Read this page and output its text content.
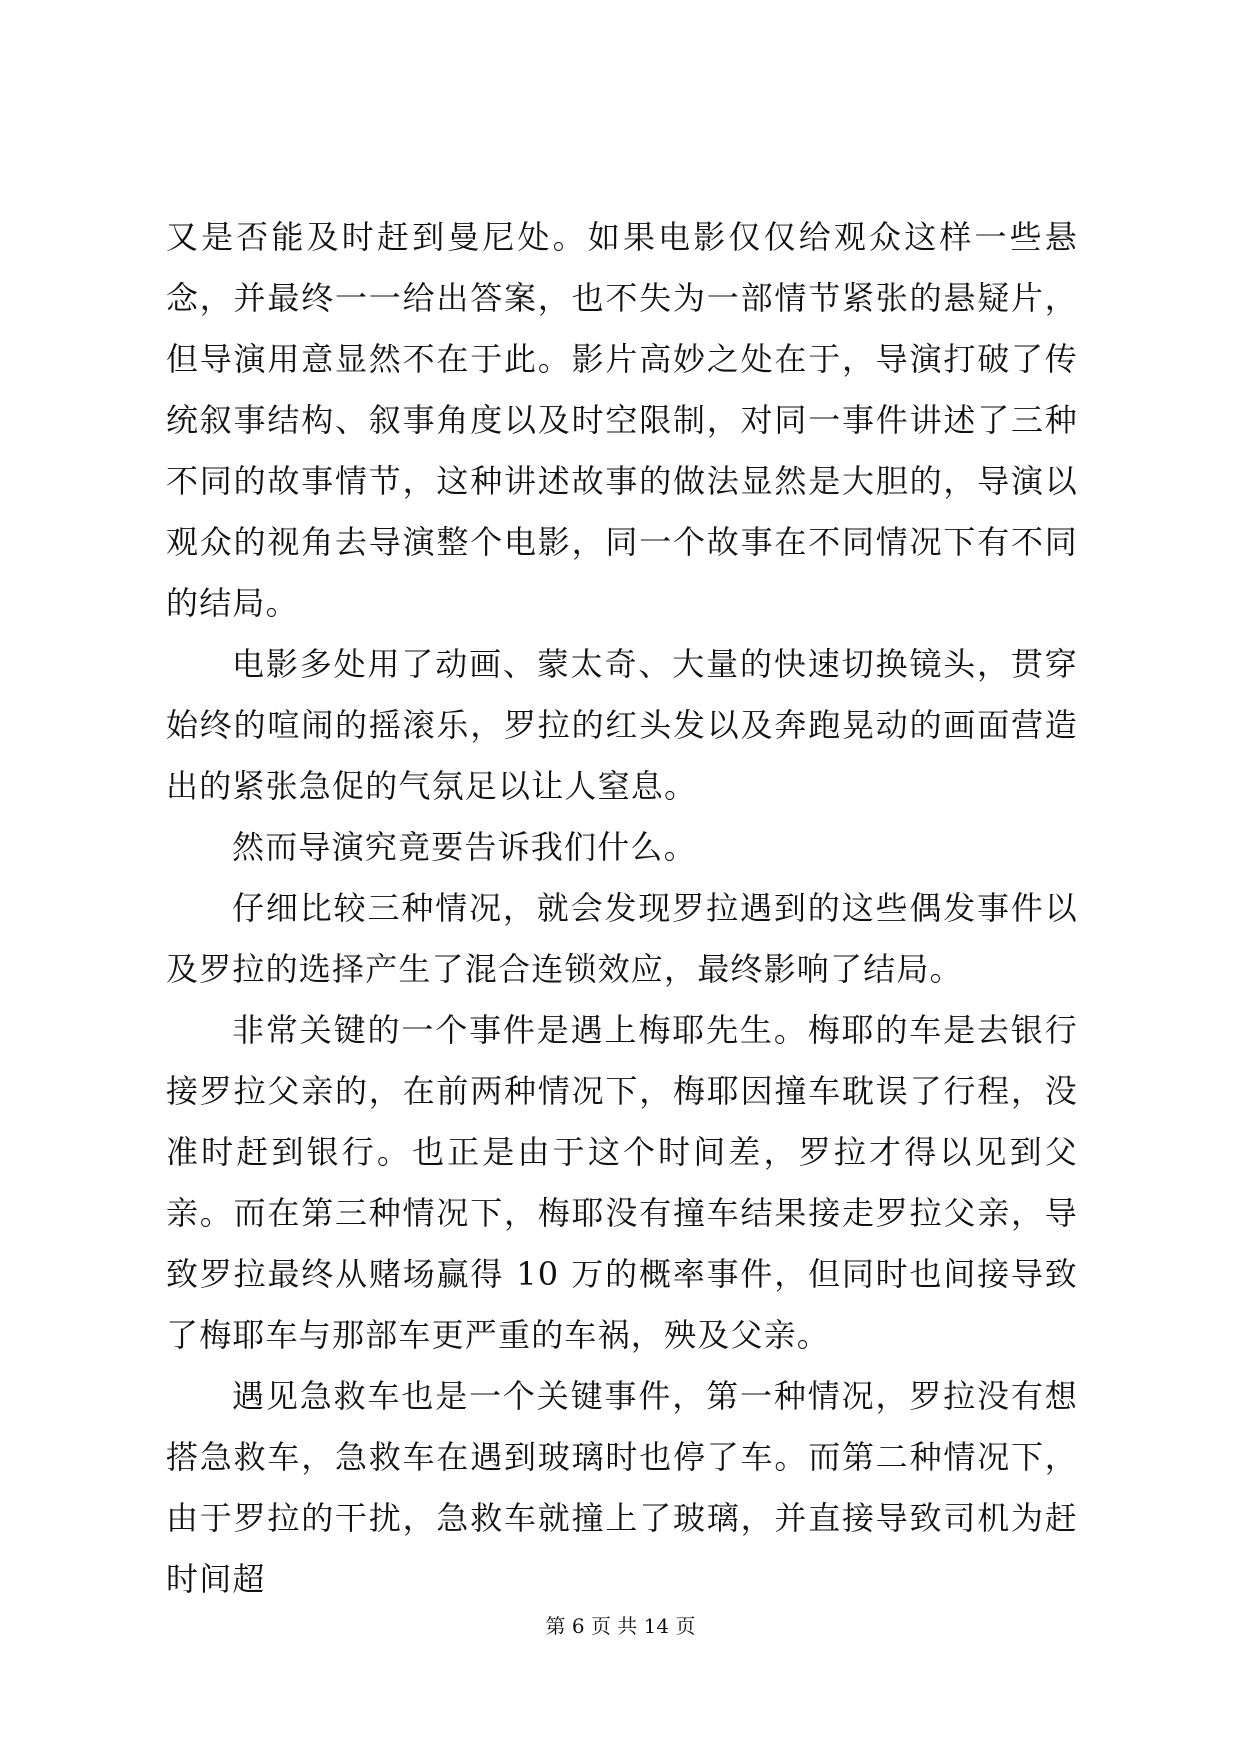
又是否能及时赶到曼尼处。如果电影仅仅给观众这样一些悬念，并最终一一给出答案，也不失为一部情节紧张的悬疑片，但导演用意显然不在于此。影片高妙之处在于，导演打破了传统叙事结构、叙事角度以及时空限制，对同一事件讲述了三种不同的故事情节，这种讲述故事的做法显然是大胆的，导演以观众的视角去导演整个电影，同一个故事在不同情况下有不同的结局。

电影多处用了动画、蒙太奇、大量的快速切换镜头，贯穿始终的喧闹的摇滚乐，罗拉的红头发以及奔跑晃动的画面营造出的紧张急促的气氛足以让人窒息。

然而导演究竟要告诉我们什么。

仔细比较三种情况，就会发现罗拉遇到的这些偶发事件以及罗拉的选择产生了混合连锁效应，最终影响了结局。

非常关键的一个事件是遇上梅耶先生。梅耶的车是去银行接罗拉父亲的，在前两种情况下，梅耶因撞车耽误了行程，没准时赶到银行。也正是由于这个时间差，罗拉才得以见到父亲。而在第三种情况下，梅耶没有撞车结果接走罗拉父亲，导致罗拉最终从赌场赢得 10 万的概率事件，但同时也间接导致了梅耶车与那部车更严重的车祸，殃及父亲。

遇见急救车也是一个关键事件，第一种情况，罗拉没有想搭急救车，急救车在遇到玻璃时也停了车。而第二种情况下，由于罗拉的干扰，急救车就撞上了玻璃，并直接导致司机为赶时间超

第 6 页 共 14 页
